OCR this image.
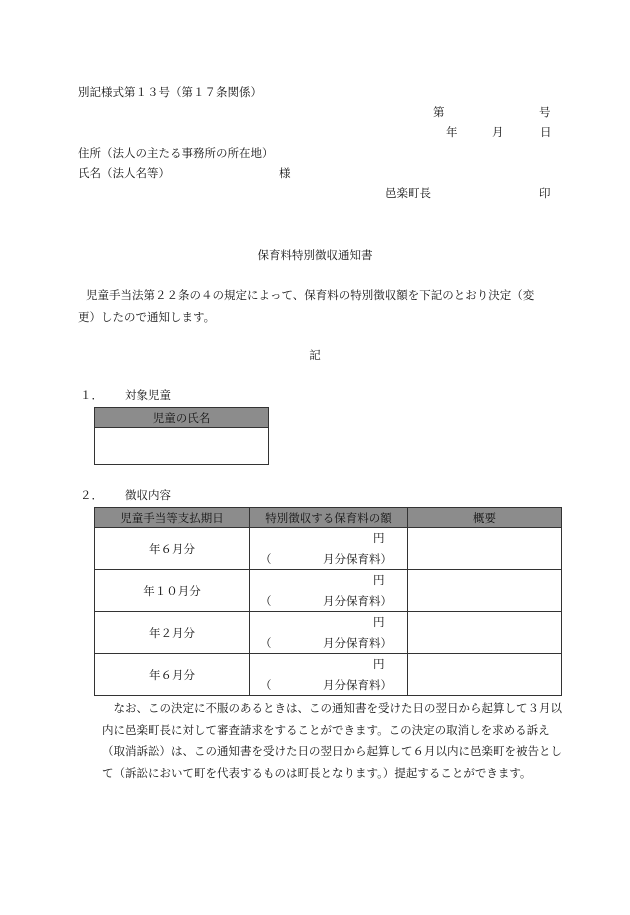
別記様式第１３号（第１７条関係）
第	号
年	月	日
住所（法人の主たる事務所の所在地）
氏名（法人名等）	様
邑楽町長	印
保育料特別徴収通知書
児童手当法第２２条の４の規定によって、保育料の特別徴収額を下記のとおり決定（変
更）したので通知します。
記
１． 対象児童
児童の氏名

２． 徴収内容
児童手当等支払期日	特別徴収する保育料の額	概要
年６月分	円
（ 月分保育料）	

年１０月分	円
（ 月分保育料）	

年２月分	円
（ 月分保育料）	

年６月分	円
（ 月分保育料）	

なお、この決定に不服のあるときは、この通知書を受けた日の翌日から起算して３月以内に邑楽町長に対して審査請求をすることができます。この決定の取消しを求める訴え（取消訴訟）は、この通知書を受けた日の翌日から起算して６月以内に邑楽町を被告として（訴訟において町を代表するものは町長となります。）提起することができます。
